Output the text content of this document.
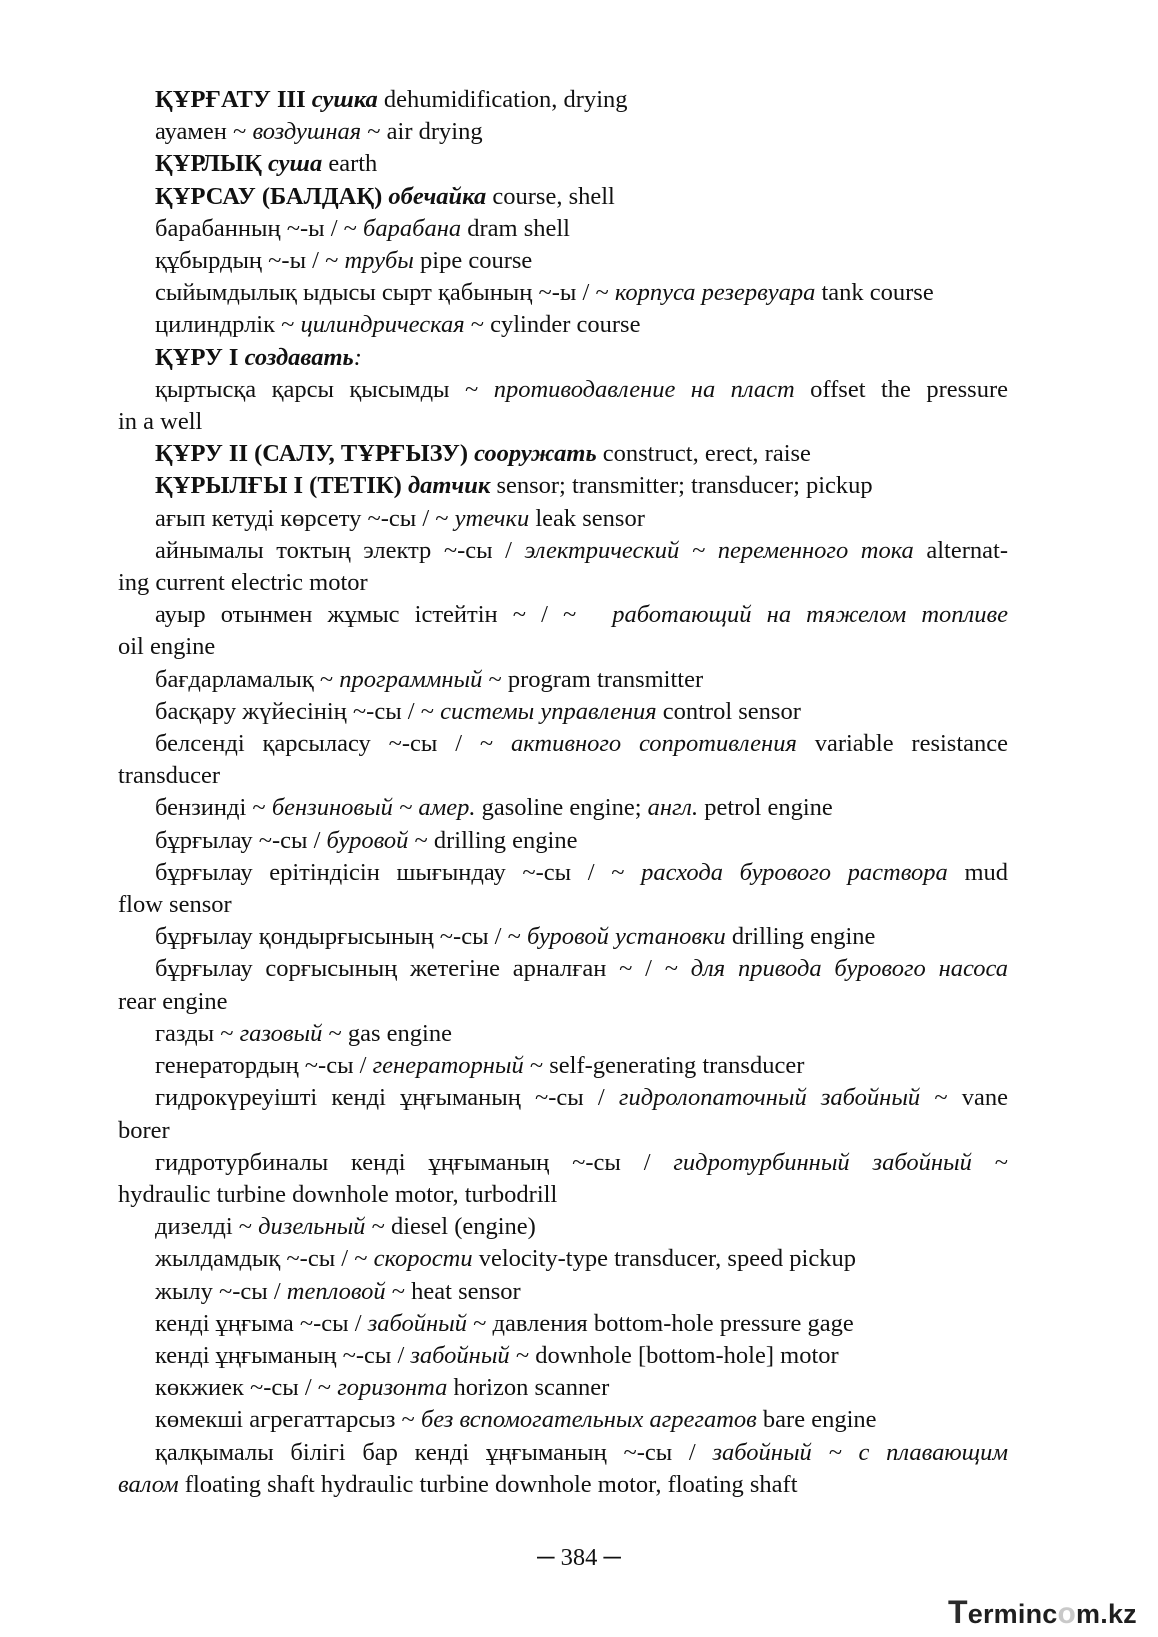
ҚҰРҒАТУ III сушка dehumidification, drying
ауамен ~ воздушная ~ air drying
ҚҰРЛЫҚ суша earth
ҚҰРСАУ (БАЛДАҚ) обечайка course, shell
барабанның ~-ы / ~ барабана dram shell
құбырдың ~-ы / ~ трубы pipe course
сыйымдылық ыдысы сырт қабының ~-ы / ~ корпуса резервуара tank course
цилиндрлік ~ цилиндрическая ~ cylinder course
ҚҰРУ I создавать:
қыртысқа қарсы қысымды ~ противодавление на пласт offset the pressure
in a well
ҚҰРУ II (САЛУ, ТҰРҒЫЗУ) сооружать construct, erect, raise
ҚҰРЫЛҒЫ I (ТЕТІК) датчик sensor; transmitter; transducer; pickup
ағып кетуді көрсету ~-сы / ~ утечки leak sensor
айнымалы токтың электр ~-сы / электрический ~ переменного тока alternat-
ing current electric motor
ауыр отынмен жұмыс істейтін ~ / ~ работающий на тяжелом топливе
oil engine
бағдарламалық ~ программный ~ program transmitter
басқару жүйесінің ~-сы / ~ системы управления control sensor
белсенді қарсыласу ~-сы / ~ активного сопротивления variable resistance
transducer
бензинді ~ бензиновый ~ амер. gasoline engine; англ. petrol engine
бұрғылау ~-сы / буровой ~ drilling engine
бұрғылау ерітіндісін шығындау ~-сы / ~ расхода бурового раствора mud
flow sensor
бұрғылау қондырғысының ~-сы / ~ буровой установки drilling engine
бұрғылау сорғысының жетегіне арналған ~ / ~ для привода бурового насоса
rear engine
газды ~ газовый ~ gas engine
генератордың ~-сы / генераторный ~ self-generating transducer
гидрокүреуішті кенді ұңғыманың ~-сы / гидролопаточный забойный ~ vane
borer
гидротурбиналы кенді ұңғыманың ~-сы / гидротурбинный забойный ~
hydraulic turbine downhole motor, turbodrill
дизелді ~ дизельный ~ diesel (engine)
жылдамдық ~-сы / ~ скорости velocity-type transducer, speed pickup
жылу ~-сы / тепловой ~ heat sensor
кенді ұңғыма ~-сы / забойный ~ давления bottom-hole pressure gage
кенді ұңғыманың ~-сы / забойный ~ downhole [bottom-hole] motor
көкжиек ~-сы / ~ горизонта horizon scanner
көмекші агрегаттарсыз ~ без вспомогательных агрегатов bare engine
қалқымалы білігі бар кенді ұңғыманың ~-сы / забойный ~ с плавающим
валом floating shaft hydraulic turbine downhole motor, floating shaft
─ 384 ─
Termincom.kz
